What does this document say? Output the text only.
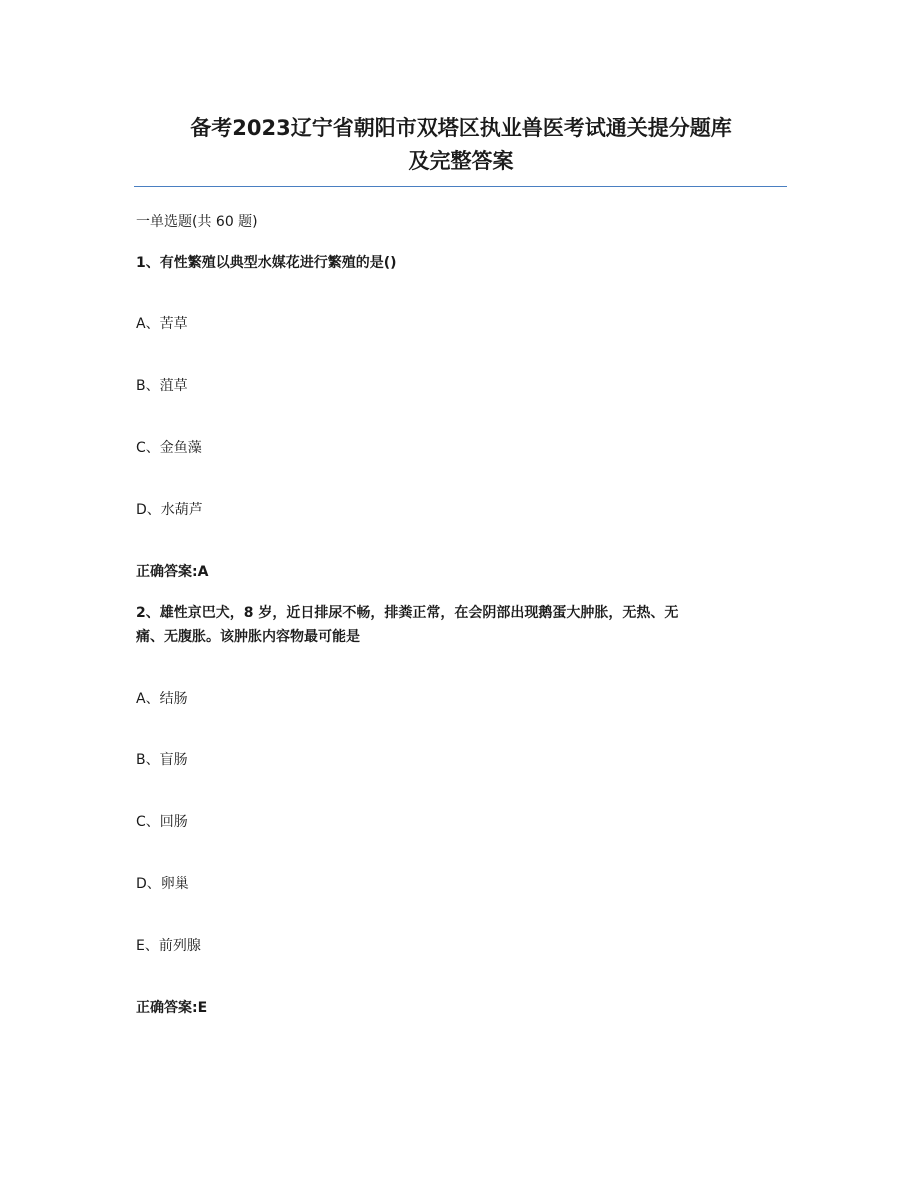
备考2023辽宁省朝阳市双塔区执业兽医考试通关提分题库
及完整答案
一单选题(共 60 题)
1、有性繁殖以典型水媒花进行繁殖的是()
A、苦草
B、菹草
C、金鱼藻
D、水葫芦
正确答案:A
2、雄性京巴犬，8 岁，近日排尿不畅，排粪正常，在会阴部出现鹅蛋大肿胀，无热、无
痛、无腹胀。该肿胀内容物最可能是
A、结肠
B、盲肠
C、回肠
D、卵巢
E、前列腺
正确答案:E
